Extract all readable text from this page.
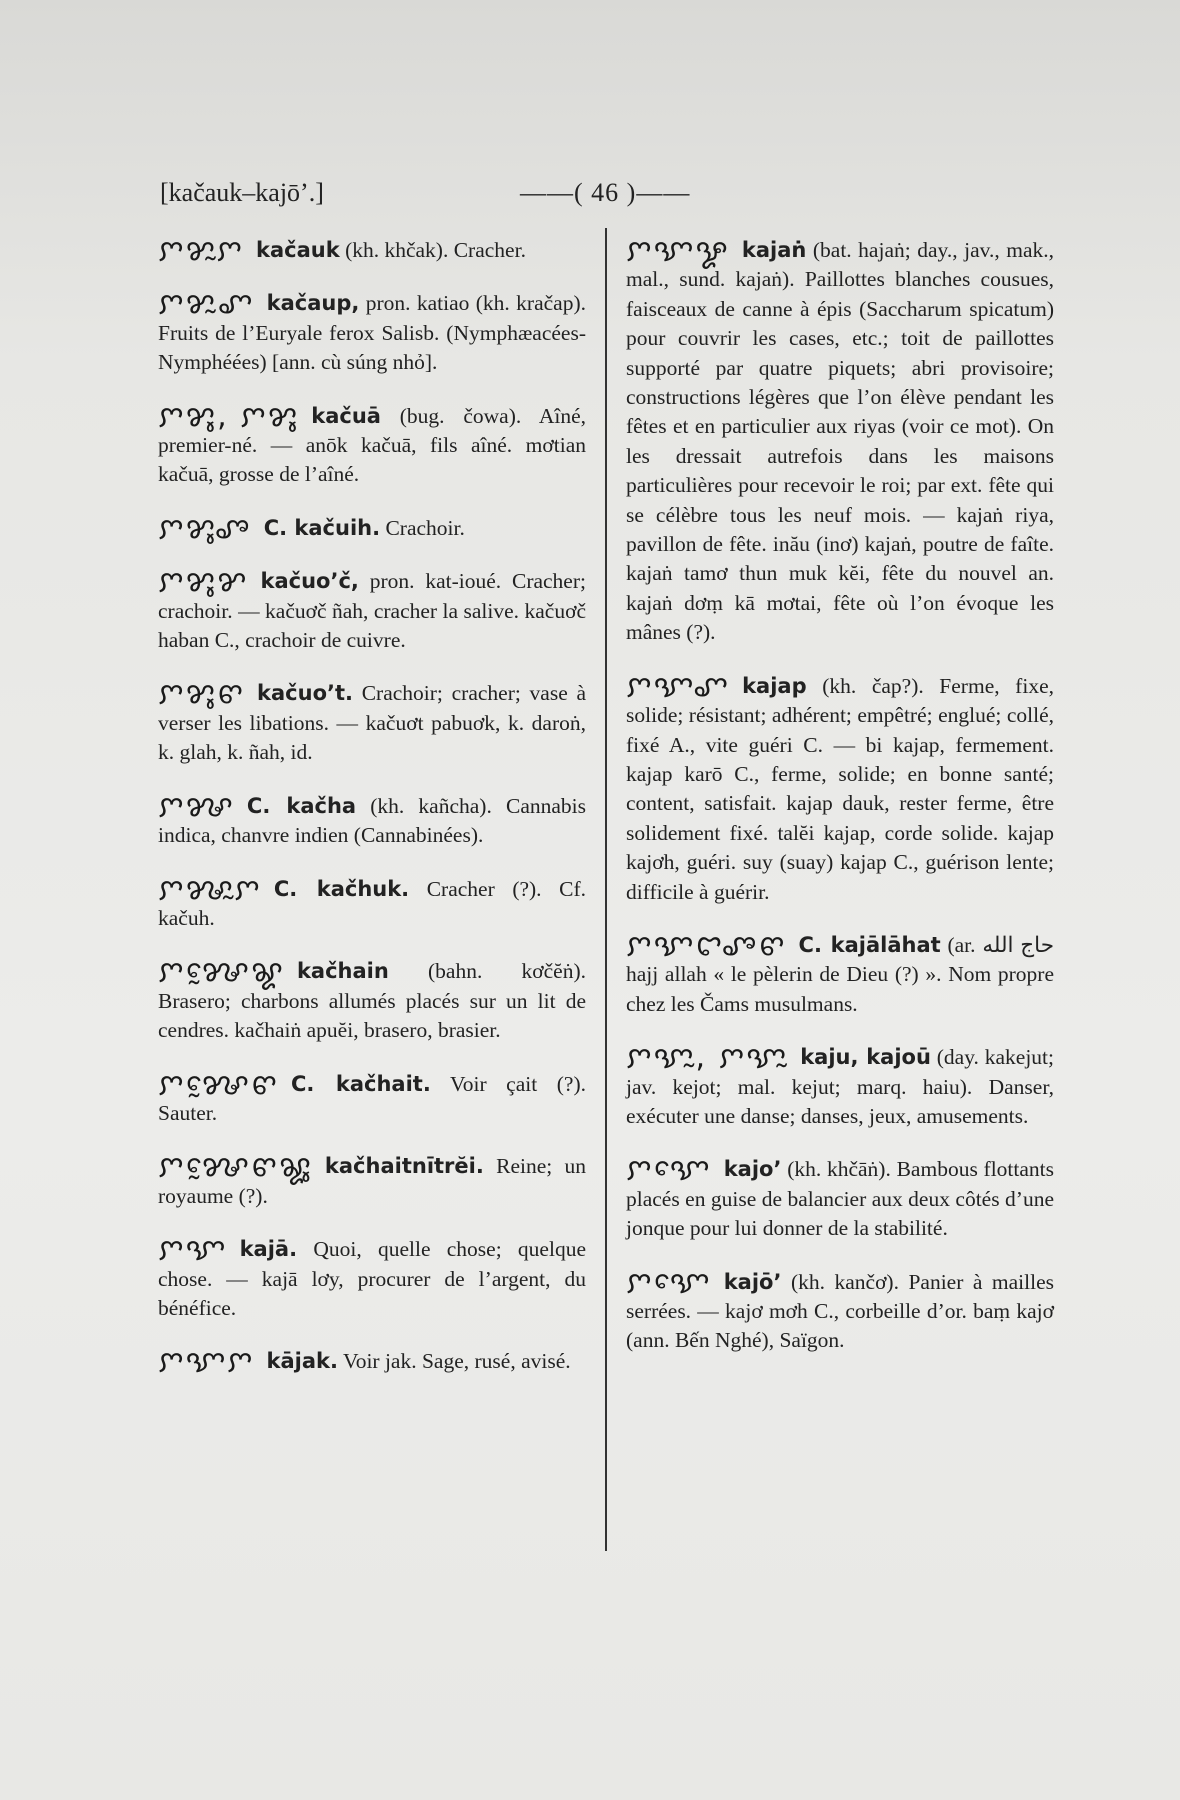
[kačauk–kajō’.]	——( 46 )——
ꨆꨌꨭꨆ kačauk (kh. khčak). Cracher.
ꨆꨌꨭꨚ kačaup, pron. katiao (kh. kračap). Fruits de l’Euryale ferox Salisb. (Nymphæacées-Nymphéées) [ann. cù súng nhỏ].
ꨆꨌꨶ, ꨆꨌꨶ kačuā (bug. čowa). Aîné, premier-né. — anōk kačuā, fils aîné. mơtian kačuā, grosse de l’aîné.
ꨆꨌꨶꨨ C. kačuih. Crachoir.
ꨆꨌꨶꨌ kačuo’č, pron. kat-ioué. Cracher; crachoir. — kačuơč ñah, cracher la salive. kačuơč haban C., crachoir de cuivre.
ꨆꨌꨶꨓ kačuo’t. Crachoir; cracher; vase à verser les libations. — kačuơt pabuơk, k. daroṅ, k. glah, k. ñah, id.
ꨆꨍ C. kačha (kh. kañcha). Cannabis indica, chanvre indien (Cannabinées).
ꨆꨍꨭꨆ C. kačhuk. Cracher (?). Cf. kačuh.
ꨆꨍꨰꨘ kačhain (bahn. kơčĕṅ). Brasero; charbons allumés placés sur un lit de cendres. kačhaiṅ apuĕi, brasero, brasier.
ꨆꨍꨰꨓ C. kačhait. Voir çait (?). Sauter.
ꨆꨍꨰꨓꨘꨶ kačhaitnītrĕi. Reine; un royaume (?).
ꨆꨎ kajā. Quoi, quelle chose; quelque chose. — kajā lơy, procurer de l’argent, du bénéfice.
ꨆꨎꨆ kājak. Voir jak. Sage, rusé, avisé.
ꨆꨎꨋ kajaṅ (bat. hajaṅ; day., jav., mak., mal., sund. kajaṅ). Paillottes blanches cousues, faisceaux de canne à épis (Saccharum spicatum) pour couvrir les cases, etc.; toit de paillottes supporté par quatre piquets; abri provisoire; constructions légères que l’on élève pendant les fêtes et en particulier aux riyas (voir ce mot). On les dressait autrefois dans les maisons particulières pour recevoir le roi; par ext. fête qui se célèbre tous les neuf mois. — kajaṅ riya, pavillon de fête. inău (inơ) kajaṅ, poutre de faîte. kajaṅ tamơ thun muk kĕi, fête du nouvel an. kajaṅ dơṃ kā mơtai, fête où l’on évoque les mânes (?).
ꨆꨎꨚ kajap (kh. čap?). Ferme, fixe, solide; résistant; adhérent; empêtré; englué; collé, fixé A., vite guéri C. — bi kajap, fermement. kajap karō C., ferme, solide; en bonne santé; content, satisfait. kajap dauk, rester ferme, être solidement fixé. talĕi kajap, corde solide. kajap kajơh, guéri. suy (suay) kajap C., guérison lente; difficile à guérir.
ꨆꨎꨤꨨꨓ C. kajālāhat (ar. حاج الله hajj allah « le pèlerin de Dieu (?) ». Nom propre chez les Čams musulmans.
ꨆꨎꨭ, ꨆꨎꨭ kaju, kajoū (day. kakejut; jav. kejot; mal. kejut; marq. haiu). Danser, exécuter une danse; danses, jeux, amusements.
ꨆꨎꨯ kajo’ (kh. khčāṅ). Bambous flottants placés en guise de balancier aux deux côtés d’une jonque pour lui donner de la stabilité.
ꨆꨎꨯ kajō’ (kh. kančơ). Panier à mailles serrées. — kajơ mơh C., corbeille d’or. baṃ kajơ (ann. Bến Nghé), Saïgon.
